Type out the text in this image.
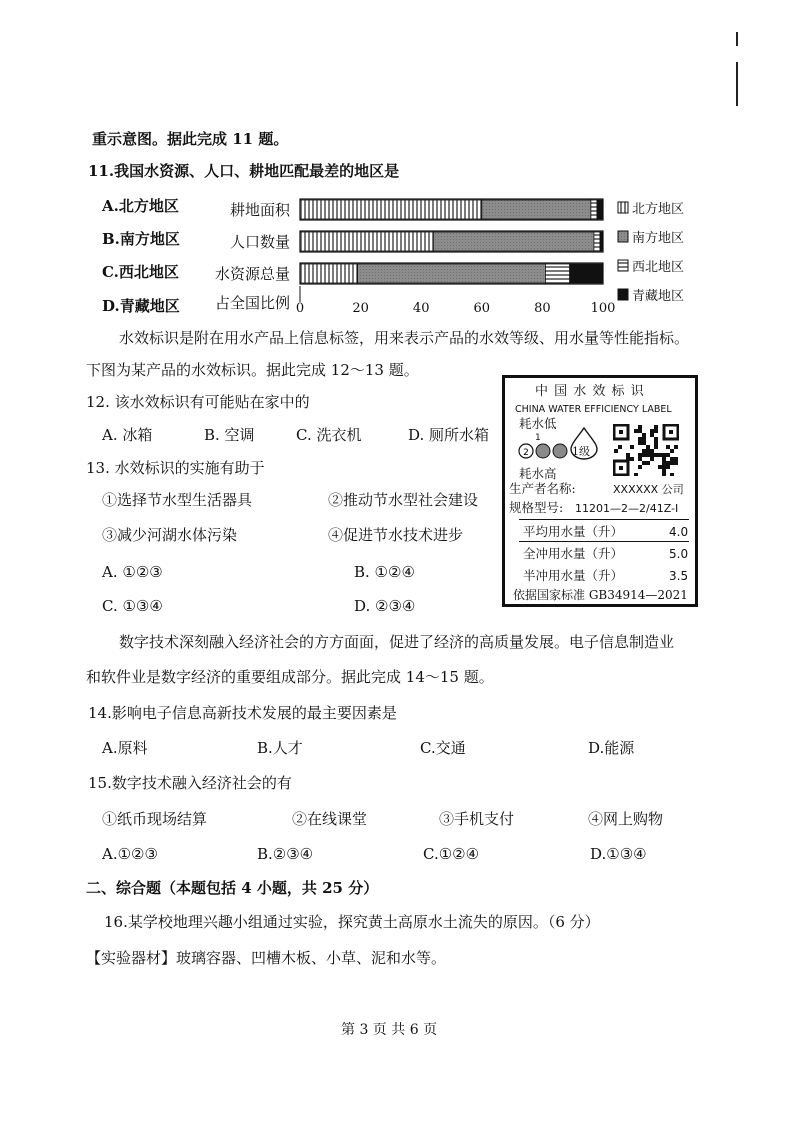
重示意图。据此完成 11 题。
11.我国水资源、人口、耕地匹配最差的地区是
A.北方地区
B.南方地区
C.西北地区
D.青藏地区
耕地面积
人口数量
水资源总量
占全国比例 0	20	40	60	80	100
北方地区
南方地区
西北地区
青藏地区
水效标识是附在用水产品上信息标签，用来表示产品的水效等级、用水量等性能指标。
下图为某产品的水效标识。据此完成 12～13 题。
12. 该水效标识有可能贴在家中的
A. 冰箱	B. 空调	C. 洗衣机	D. 厕所水箱
13. 水效标识的实施有助于
①选择节水型生活器具	②推动节水型社会建设
③减少河湖水体污染	④促进节水技术进步
A. ①②③	B. ①②④
C. ①③④	D. ②③④
中 国 水 效 标 识
CHINA WATER EFFICIENCY LABEL
耗水低
1
2	1级
耗水高
生产者名称:	XXXXXX 公司
规格型号: 11201—2—2/41Z-I
平均用水量（升）	4.0
全冲用水量（升）	5.0
半冲用水量（升）	3.5
依据国家标准 GB34914—2021
数字技术深刻融入经济社会的方方面面，促进了经济的高质量发展。电子信息制造业
和软件业是数字经济的重要组成部分。据此完成 14～15 题。
14.影响电子信息高新技术发展的最主要因素是
A.原料	B.人才	C.交通	D.能源
15.数字技术融入经济社会的有
①纸币现场结算	②在线课堂	③手机支付	④网上购物
A.①②③	B.②③④	C.①②④	D.①③④
二、综合题（本题包括 4 小题，共 25 分）
16.某学校地理兴趣小组通过实验，探究黄土高原水土流失的原因。（6 分）
【实验器材】玻璃容器、凹槽木板、小草、泥和水等。
第 3 页 共 6 页
